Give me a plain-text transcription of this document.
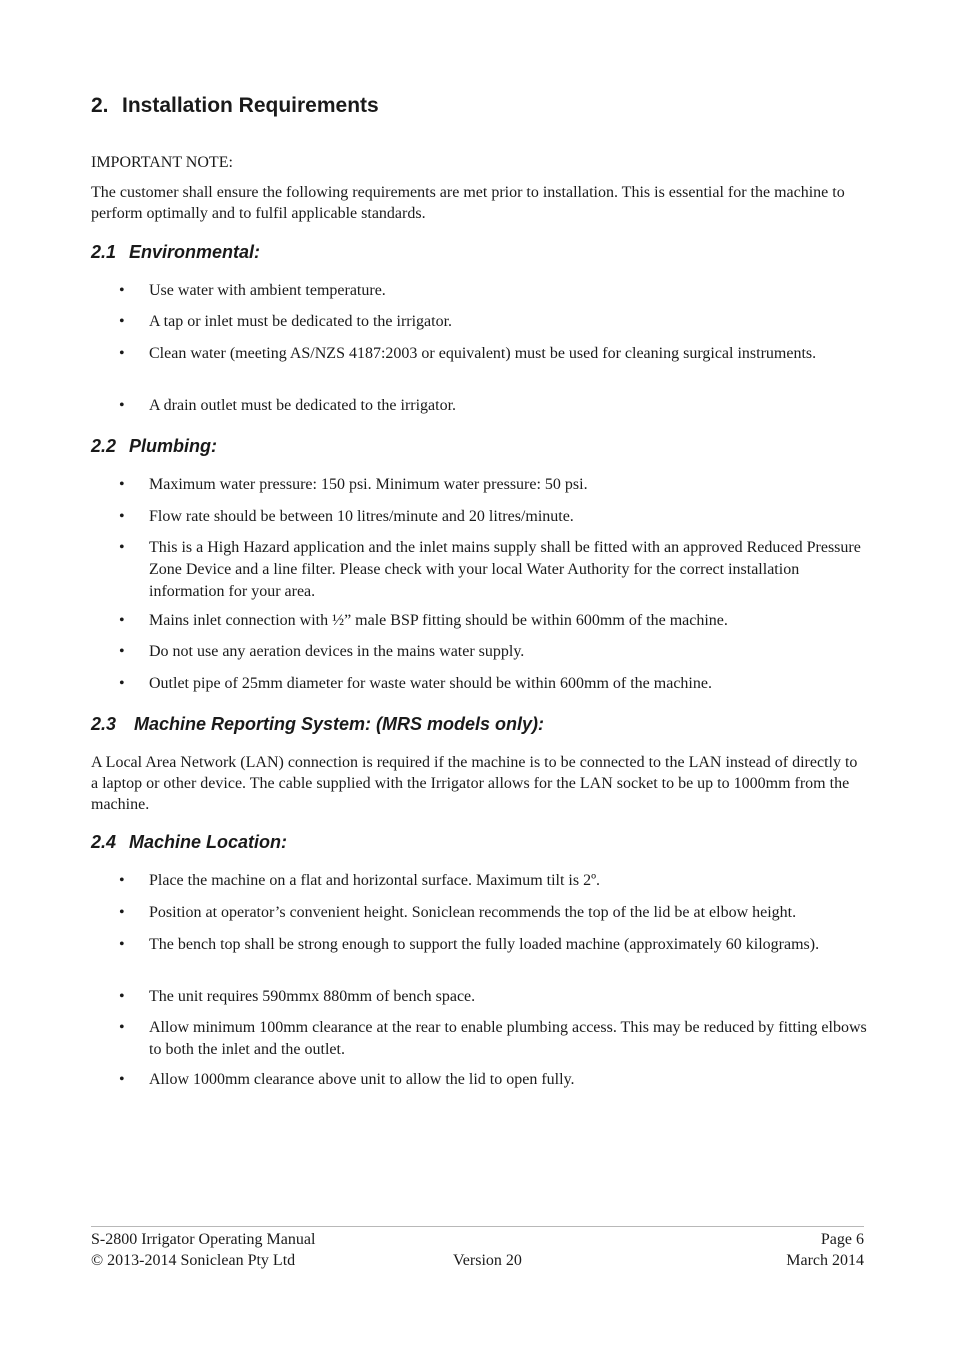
2. Installation Requirements

IMPORTANT NOTE:

The customer shall ensure the following requirements are met prior to installation. This is essential for the machine to perform optimally and to fulfil applicable standards.

2.1 Environmental:
• Use water with ambient temperature.
• A tap or inlet must be dedicated to the irrigator.
• Clean water (meeting AS/NZS 4187:2003 or equivalent) must be used for cleaning surgical instruments.
• A drain outlet must be dedicated to the irrigator.
2.2 Plumbing:
• Maximum water pressure: 150 psi. Minimum water pressure: 50 psi.
• Flow rate should be between 10 litres/minute and 20 litres/minute.
• This is a High Hazard application and the inlet mains supply shall be fitted with an approved Reduced Pressure Zone Device and a line filter. Please check with your local Water Authority for the correct installation information for your area.
• Mains inlet connection with ½” male BSP fitting should be within 600mm of the machine.
• Do not use any aeration devices in the mains water supply.
• Outlet pipe of 25mm diameter for waste water should be within 600mm of the machine.
2.3 Machine Reporting System: (MRS models only):

A Local Area Network (LAN) connection is required if the machine is to be connected to the LAN instead of directly to a laptop or other device. The cable supplied with the Irrigator allows for the LAN socket to be up to 1000mm from the machine.

2.4 Machine Location:
• Place the machine on a flat and horizontal surface. Maximum tilt is 2º.
• Position at operator’s convenient height. Soniclean recommends the top of the lid be at elbow height.
• The bench top shall be strong enough to support the fully loaded machine (approximately 60 kilograms).
• The unit requires 590mmx 880mm of bench space.
• Allow minimum 100mm clearance at the rear to enable plumbing access. This may be reduced by fitting elbows to both the inlet and the outlet.
• Allow 1000mm clearance above unit to allow the lid to open fully.

S-2800 Irrigator Operating Manual	Page 6

© 2013-2014 Soniclean Pty Ltd	Version 20	March 2014
